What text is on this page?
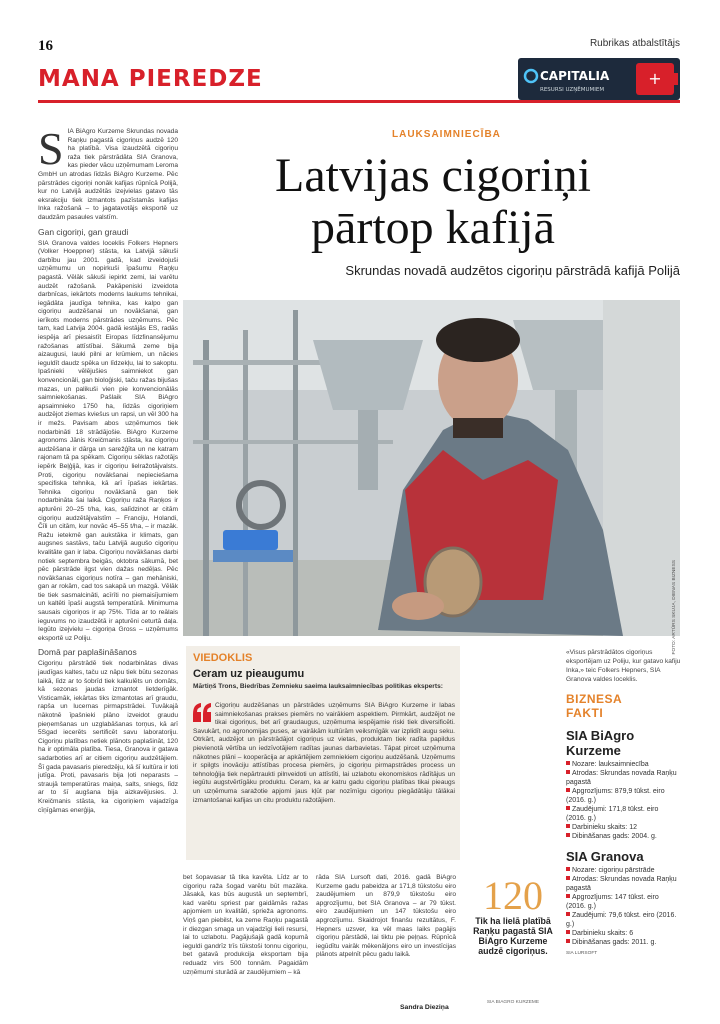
16	Rubrikas atbalstītājs
+
CAPITALIA
RESURSI UZŅĒMUMIEM
MANA PIEREDZE
S IA BiAgro Kurzeme Skrundas novada Raņķu pagastā cigoriņus audzē 120 ha platībā. Visa izaudzētā cigoriņu raža tiek pārstrādāta SIA Granova, kas pieder vācu uzņēmumam Leroma GmbH un atrodas līdzās BiAgro Kurzeme. Pēc pārstrādes cigoriņi nonāk kafijas rūpnīcā Polijā, kur no Latvijā audzētās izejvielas gatavo tās eksrakciju tiek izmantots pazīstamās kafijas Inka ražošanā – to jagatavotājs eksportē uz daudzām pasaules valstīm.

Gan cigoriņi, gan graudi

SIA Granova valdes loceklis Folkers Hepners (Volker Hoeppner) stāsta, ka Latvijā sākuši darbību jau 2001. gadā, kad izveidojuši uzņēmumu un nopirkuši īpašumu Raņķu pagastā. Vēlāk sākuši iepirkt zemi, lai varētu audzēt ražošanā. Pakāpeniski izveidota darbnīcas, iekārtots moderns laukums tehnikai, iegādāta jaudīga tehnika, kas kalpo gan cigoriņu audzēšanai un novākšanai, gan ierīkots moderns pārstrādes uzņēmums. Pēc tam, kad Latvija 2004. gadā iestājās ES, radās iespēja arī piesaistīt Eiropas līdzfinansējumu ražošanas attīstībai. Sākumā zeme bija aizaugusi, lauki pilni ar krūmiem, un nācies ieguldīt daudz spēka un līdzekļu, lai to sakoptu. Ipašnieki vēlējušies saimniekot gan konvencionāli, gan bioloģiski, taču ražas bijušas mazas, un palikuši vien pie konvencionālās saimniekošanas. Pašlaik SIA BiAgro apsaimnieko 1750 ha, līdzās cigoriņiem audzējot ziemas kviešus un rapsi, un vēl 300 ha ir mežs. Pavisam abos uzņēmumos tiek nodarbināti 18 strādājošie. BiAgro Kurzeme agronoms Jānis Kreičmanis stāsta, ka cigoriņu audzēšana ir dārga un sarežģīta un ne katram rajonam tā pa spēkam. Cigoriņu sēklas ražotājs iepērk Beļģijā, kas ir cigoriņu lielražotājvalsts. Proti, cigoriņu novākšanai nepieciešama specifiska tehnika, kā arī īpašas iekārtas. Tehnika cigoriņu novākšanā gan tiek nodarbināta šai laikā. Cigoriņu raža Raņķos ir apturēni 20–25 t/ha, kas, salīdzinot ar citām cigoriņu audzētājvalstīm – Franciju, Holandi, Čīli un citām, kur novāc 45–55 t/ha, – ir mazāk. Ražu ietekmē gan aukstāka ir klimats, gan augsnes sastāvs, taču Latvijā augušo cigoriņu kvalitāte gan ir laba. Cigoriņu novākšanas darbi notiek septembra beigās, oktobra sākumā, bet pēc pārstrāde ilgst vien dažas nedēļas. Pēc novākšanas cigoriņus notīra – gan mehāniski, gan ar rokām, cad tos sakapā un mazgā. Vēlāk tie tiek sasmalcināti, acīrīti no piemaisījumiem un kaltēti īpaši augstā temperatūrā. Minimuma sausais cigoriņos ir ap 75%. Tīda ar to reālais ieguvums no izaudzētā ir apturēni ceturtā daļa. Iegūto izejvielu – cigoriņa Gross – uzņēmums eksportē uz Poliju.

Domā par paplašināšanos

Cigoriņu pārstrādē tiek nodarbinātas divas jaudīgas kaltes, taču uz nāpu tiek būtu sezonas laikā, līdz ar to šobrīd tiek kalkulēts un domāts, kā sezonas jaudas izmantot lietderīgāk. Visticamāk, iekārtas tiks izmantotas arī graudu, rapša un lucernas pirmapstrādei. Tuvākajā nākotnē īpašnieki plāno izveidot graudu pieņemšanas un uzglabāšanas torņus, kā arī 5Sgad iecerēts sertificēt savu laboratoriju. Cigoriņu platības netiek plānots paplašināt, 120 ha ir optimāla platība. Tiesa, Granova ir gatava sadarboties arī ar citiem cigoriņu audzētājiem. Šī gada pavasaris pieredzēju, kā šī kultūra ir loti jutīga. Proti, pavasaris bija ļoti neparasts – straujā temperatūras maiņa, salts, sniegs, līdz ar to šī augšana bija aizkavējusies. J. Kreičmanis stāsta, ka cigoriņiem vajadzīga cīņīgāmas enerģija,

LAUKSAIMNIECĪBA
Latvijas cigoriņi
pārtop kafijā
Skrundas novadā audzētos cigoriņu pārstrādā kafijā Polijā
FOTO: ARTŪRS SKUJA, DIENAS BIZNESS
«Visus pārstrādātos cigoriņus eksportējam uz Poliju, kur gatavo kafiju Inka,» teic Folkers Hepners, SIA Granova valdes loceklis.
VIEDOKLIS
Ceram uz pieaugumu
Mārtiņš Trons, Biedrības Zemnieku saeima lauksaimniecības politikas eksperts:
Cigoriņu audzēšanas un pārstrādes uzņēmums SIA BiAgro Kurzeme ir labas saimniekošanas prakses piemērs no vairākiem aspektiem. Pirmkārt, audzējot ne tikai cigoriņus, bet arī graudaugus, uzņēmuma iespējamie riski tiek diversificēti. Savukārt, no agronomijas puses, ar vairākām kultūrām veiksmīgāk var izplidīt augu seku. Otrkārt, audzējot un pārstrādājot cigoriņus uz vietas, produktam tiek radīta papildus pievienotā vērtība un iedzīvotājiem radītas jaunas darbavietas. Tāpat pircet uzņēmuma nākotnes plāni – kooperācija ar apkārtējiem zemniekiem cigoriņu audzēšanā. Uzņēmums ir spilgts inovāciju attīstības procesa piemērs, jo cigoriņu pirmapstrādes process un tehnoloģija tiek nepārtraukti pilnveidoti un attīstīti, lai uzlabotu ekonomiskos rādītājus un iegūtu augstvērtīgāku produktu. Ceram, ka ar katru gadu cigoriņu platības tikai pieaugs un uzņēmuma saražotie apjomi jaus kļūt par nozīmīgu cigoriņu piegādātāju tālākai izmantošanai kafijas un citu produktu ražotājiem.
bet šopavasar tā tika kavēta. Līdz ar to cigoriņu raža šogad varētu būt mazāka. Jāsakā, kas būs augustā un septembrī, kad varētu spriest par gaidāmās ražas apjomiem un kvalitāti, sprieža agronoms. Viņš gan piebilst, ka zeme Raņķu pagastā ir diezgan smaga un vajadzīgi lieli resursi, lai to uzlabotu. Pagājušajā gadā kopumā ieguldi gandrīz trīs tūkstoši tonnu cigoriņu, bet gatavā produkcija eksportam bija reduadz virs 500 tonnām. Pagaidām uzņēmumi sturādā ar zaudējumiem – kā
rāda SIA Lursoft dati, 2016. gadā BiAgro Kurzeme gadu pabeidza ar 171,8 tūkstošu eiro zaudējumiem un 879,9 tūkstošu eiro apgrozījumu, bet SIA Granova – ar 79 tūkst. eiro zaudējumiem un 147 tūkstošu eiro apgrozījumu. Skaidrojot finanšu rezultātus, F. Hepners uzsver, ka vēl maas laiks pagājis cigoriņu pārstādē, lai tiktu pie peļņas. Rūpnīcā iegūdītu vairāk mēkenāljons eiro un investīcijas plānots atpelnīt pēcu gadu laikā.
Sandra Dieziņa
120
Tik ha lielā platībā Raņķu pagastā SIA BiAgro Kurzeme audzē cigoriņus.
SIA BIAGRO KURZEME
BIZNESA
FAKTI
SIA BiAgro Kurzeme
Nozare: lauksaimniecība
Atrodas: Skrundas novada Raņķu pagastā
Apgrozījums: 879,9 tūkst. eiro (2016. g.)
Zaudējumi: 171,8 tūkst. eiro (2016. g.)
Darbinieku skaits: 12
Dibināšanas gads: 2004. g.
SIA Granova
Nozare: cigoriņu pārstrāde
Atrodas: Skrundas novada Raņķu pagastā
Apgrozījums: 147 tūkst. eiro (2016. g.)
Zaudējumi: 79,6 tūkst. eiro (2016. g.)
Darbinieku skaits: 6
Dibināšanas gads: 2011. g.
SIA LURSOFT
